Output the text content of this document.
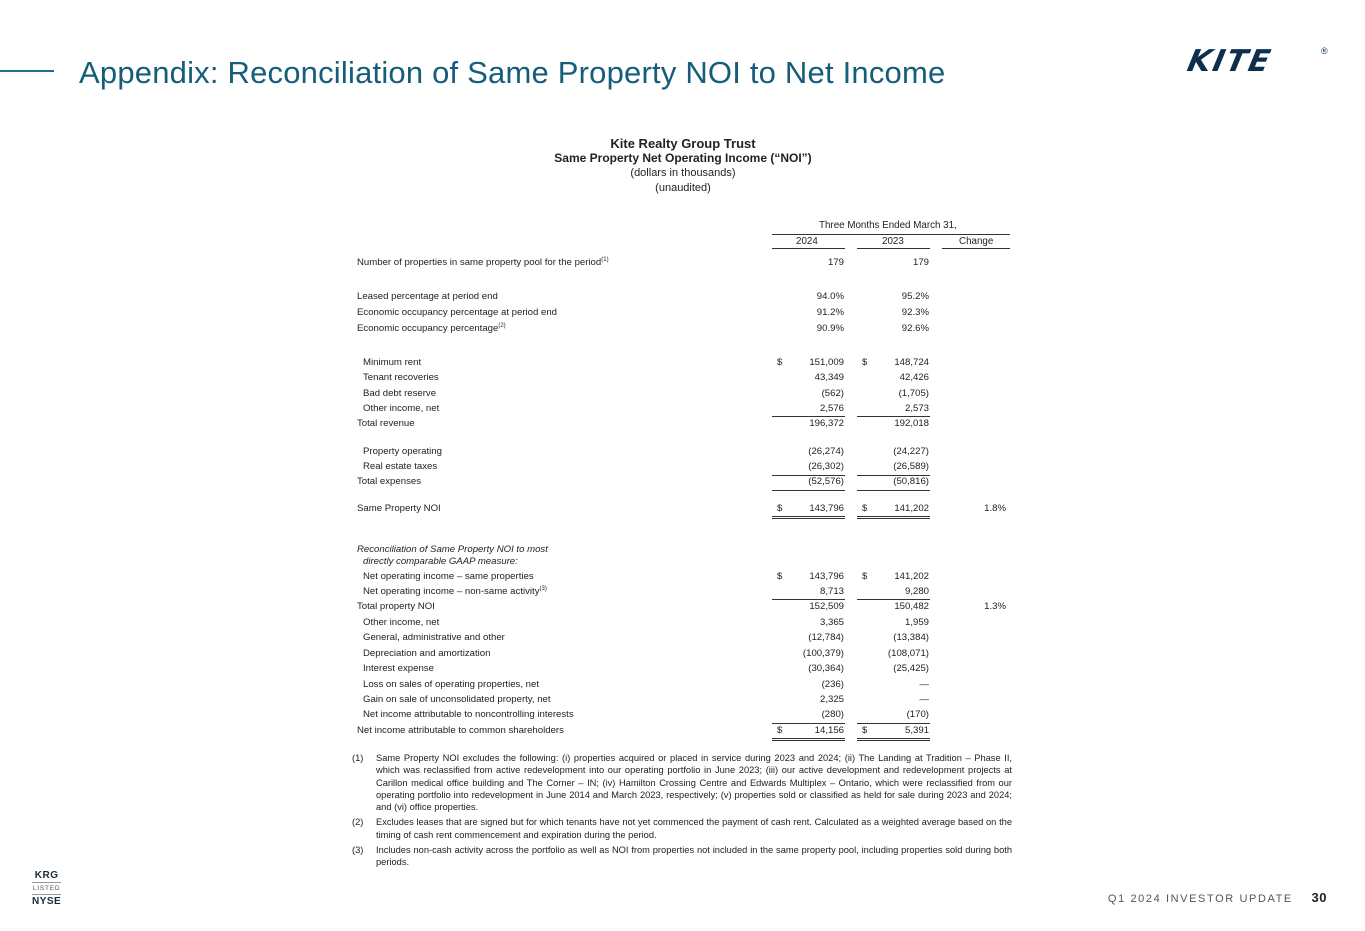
Appendix: Reconciliation of Same Property NOI to Net Income	KITE	®
Kite Realty Group Trust
Same Property Net Operating Income (“NOI”)
(dollars in thousands)
(unaudited)
Three Months Ended March 31,
2024	2023	Change
Number of properties in same property pool for the period$^{(1)}$	179	179
Leased percentage at period end	94.0%	95.2%
Economic occupancy percentage at period end	91.2%	92.3%
Economic occupancy percentage$^{(2)}$	90.9%	92.6%
Minimum rent	$	151,009 $	148,724
Tenant recoveries	43,349	42,426
Bad debt reserve	(562)	(1,705)
Other income, net	2,576	2,573
Total revenue	196,372	192,018
Property operating	(26,274)	(24,227)
Real estate taxes	(26,302)	(26,589)
Total expenses	(52,576)	(50,816)
Same Property NOI	$	143,796 $	141,202	1.8%
Reconciliation of Same Property NOI to most
directly comparable GAAP measure:
Net operating income – same properties	$	143,796 $	141,202
Net operating income – non-same activity$^{(3)}$	8,713	9,280
Total property NOI	152,509	150,482	1.3%
Other income, net	3,365	1,959
General, administrative and other	(12,784)	(13,384)
Depreciation and amortization	(100,379)	(108,071)
Interest expense	(30,364)	(25,425)
Loss on sales of operating properties, net	(236)	—
Gain on sale of unconsolidated property, net	2,325	—
Net income attributable to noncontrolling interests	(280)	(170)
Net income attributable to common shareholders	$	14,156 $	5,391
(1) Same Property NOI excludes the following: (i) properties acquired or placed in service during 2023 and 2024; (ii) The Landing at Tradition – Phase II, which was reclassified from active redevelopment into our operating portfolio in June 2023; (iii) our active development and redevelopment projects at Carillon medical office building and The Corner – IN; (iv) Hamilton Crossing Centre and Edwards Multiplex – Ontario, which were reclassified from our operating portfolio into redevelopment in June 2014 and March 2023, respectively; (v) properties sold or classified as held for sale during 2023 and 2024; and (vi) office properties.
(2) Excludes leases that are signed but for which tenants have not yet commenced the payment of cash rent. Calculated as a weighted average based on the timing of cash rent commencement and expiration during the period.
(3) Includes non-cash activity across the portfolio as well as NOI from properties not included in the same property pool, including properties sold during both periods.
KRG
LISTED
NYSE	Q1 2024 INVESTOR UPDATE 30
